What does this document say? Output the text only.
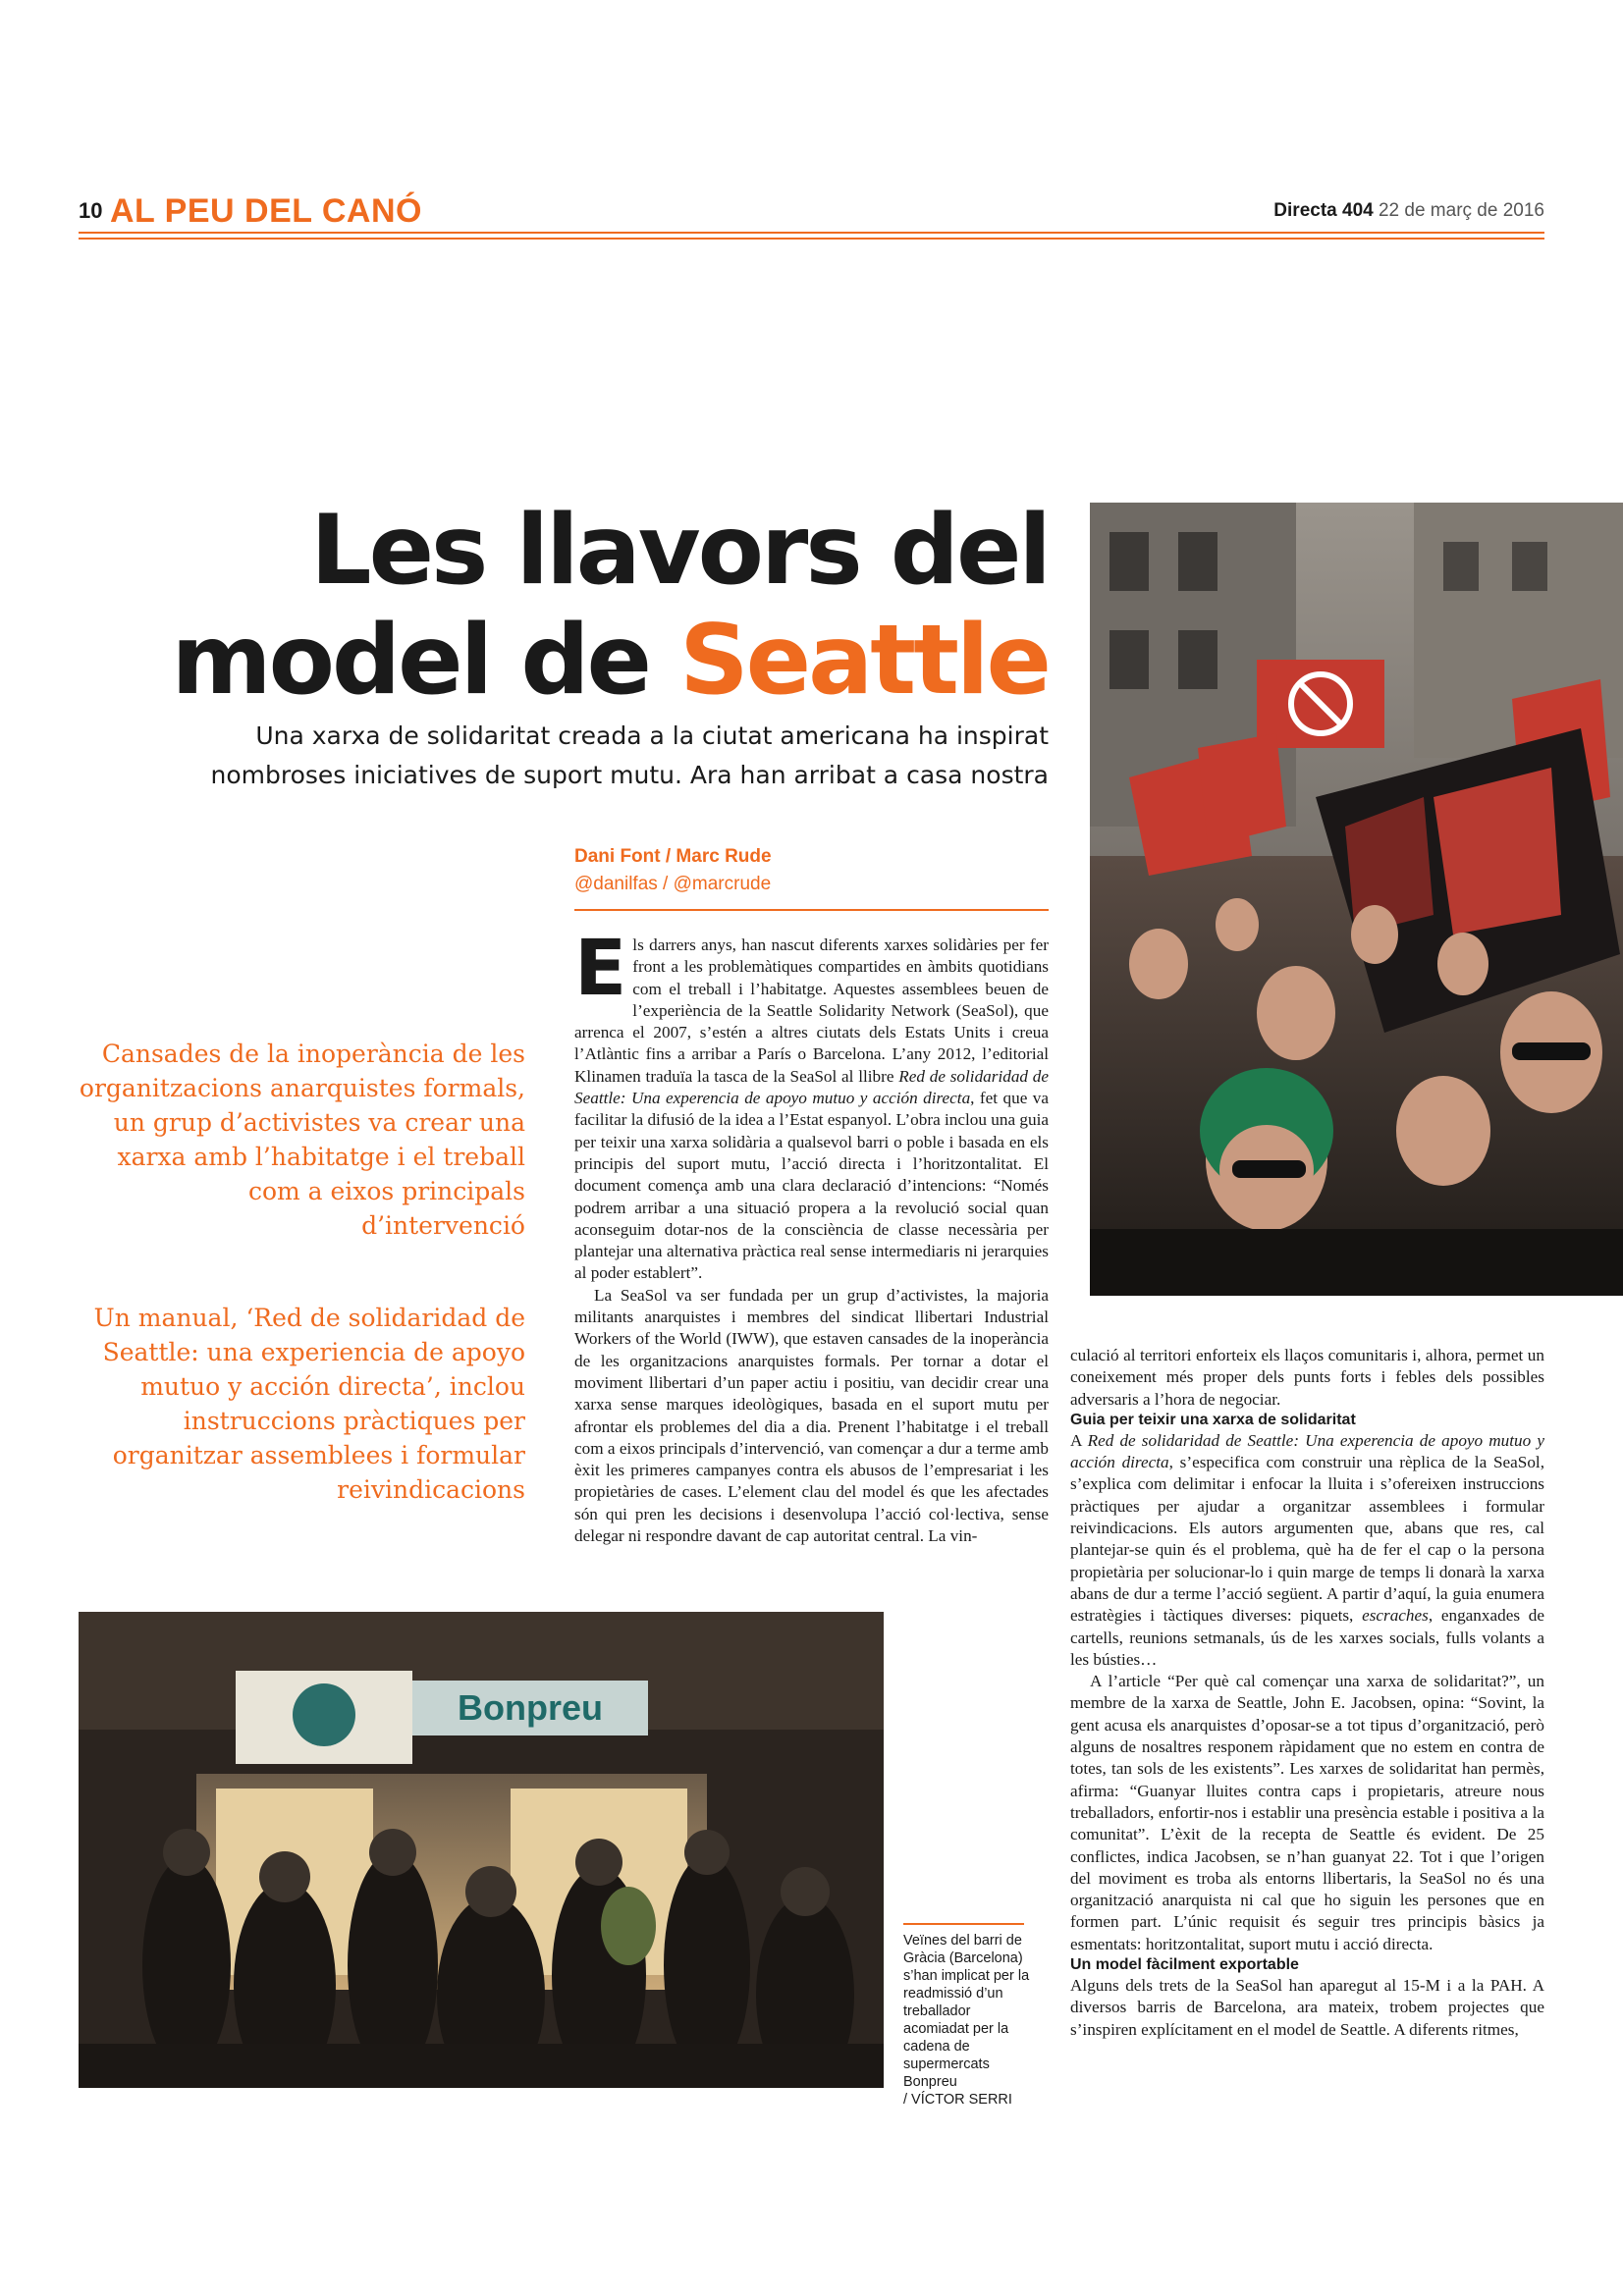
10 AL PEU DEL CANÓ	Directa 404 22 de març de 2016
Les llavors del
model de Seattle
Una xarxa de solidaritat creada a la ciutat americana ha inspirat
nombroses iniciatives de suport mutu. Ara han arribat a casa nostra
Dani Font / Marc Rude
@danilfas / @marcrude
Cansades de la inoperància de les organitzacions anarquistes formals, un grup d’activistes va crear una xarxa amb l’habitatge i el treball com a eixos principals d’intervenció
Un manual, ‘Red de solidaridad de Seattle: una experiencia de apoyo mutuo y acción directa’, inclou instruccions pràctiques per organitzar assemblees i formular reivindicacions

Els darrers anys, han nascut diferents xarxes solidàries per fer front a les problemàtiques compartides en àmbits quotidians com el treball i l’habitatge. Aquestes assemblees beuen de l’experiència de la Seattle Solidarity Network (SeaSol), que arrenca el 2007, s’estén a altres ciutats dels Estats Units i creua l’Atlàntic fins a arribar a París o Barcelona. L’any 2012, l’editorial Klinamen traduïa la tasca de la SeaSol al llibre Red de solidaridad de Seattle: Una experencia de apoyo mutuo y acción directa, fet que va facilitar la difusió de la idea a l’Estat espanyol. L’obra inclou una guia per teixir una xarxa solidària a qualsevol barri o poble i basada en els principis del suport mutu, l’acció directa i l’horitzontalitat. El document comença amb una clara declaració d’intencions: “Només podrem arribar a una situació propera a la revolució social quan aconseguim dotar-nos de la consciència de classe necessària per plantejar una alternativa pràctica real sense intermediaris ni jerarquies al poder establert”.

La SeaSol va ser fundada per un grup d’activistes, la majoria militants anarquistes i membres del sindicat llibertari Industrial Workers of the World (IWW), que estaven cansades de la inoperància de les organitzacions anarquistes formals. Per tornar a dotar el moviment llibertari d’un paper actiu i positiu, van decidir crear una xarxa sense marques ideològiques, basada en el suport mutu per afrontar els problemes del dia a dia. Prenent l’habitatge i el treball com a eixos principals d’intervenció, van començar a dur a terme amb èxit les primeres campanyes contra els abusos de l’empresariat i les propietàries de cases. L’element clau del model és que les afectades són qui pren les decisions i desenvolupa l’acció col·lectiva, sense delegar ni respondre davant de cap autoritat central. La vin-

culació al territori enforteix els llaços comunitaris i, alhora, permet un coneixement més proper dels punts forts i febles dels possibles adversaris a l’hora de negociar.

Guia per teixir una xarxa de solidaritat

A Red de solidaridad de Seattle: Una experencia de apoyo mutuo y acción directa, s’especifica com construir una rèplica de la SeaSol, s’explica com delimitar i enfocar la lluita i s’ofereixen instruccions pràctiques per ajudar a organitzar assemblees i formular reivindicacions. Els autors argumenten que, abans que res, cal plantejar-se quin és el problema, què ha de fer el cap o la persona propietària per solucionar-lo i quin marge de temps li donarà la xarxa abans de dur a terme l’acció següent. A partir d’aquí, la guia enumera estratègies i tàctiques diverses: piquets, escraches, enganxades de cartells, reunions setmanals, ús de les xarxes socials, fulls volants a les bústies…

A l’article “Per què cal començar una xarxa de solidaritat?”, un membre de la xarxa de Seattle, John E. Jacobsen, opina: “Sovint, la gent acusa els anarquistes d’oposar-se a tot tipus d’organització, però alguns de nosaltres responem ràpidament que no estem en contra de totes, tan sols de les existents”. Les xarxes de solidaritat han permès, afirma: “Guanyar lluites contra caps i propietaris, atreure nous treballadors, enfortir-nos i establir una presència estable i positiva a la comunitat”. L’èxit de la recepta de Seattle és evident. De 25 conflictes, indica Jacobsen, se n’han guanyat 22. Tot i que l’origen del moviment es troba als entorns llibertaris, la SeaSol no és una organització anarquista ni cal que ho siguin les persones que en formen part. L’únic requisit és seguir tres principis bàsics ja esmentats: horitzontalitat, suport mutu i acció directa.

Un model fàcilment exportable

Alguns dels trets de la SeaSol han aparegut al 15-M i a la PAH. A diversos barris de Barcelona, ara mateix, trobem projectes que s’inspiren explícitament en el model de Seattle. A diferents ritmes,

Bonpreu
Veïnes del barri de Gràcia (Barcelona) s’han implicat per la readmissió d’un treballador acomiadat per la cadena de supermercats Bonpreu
/ VÍCTOR SERRI
